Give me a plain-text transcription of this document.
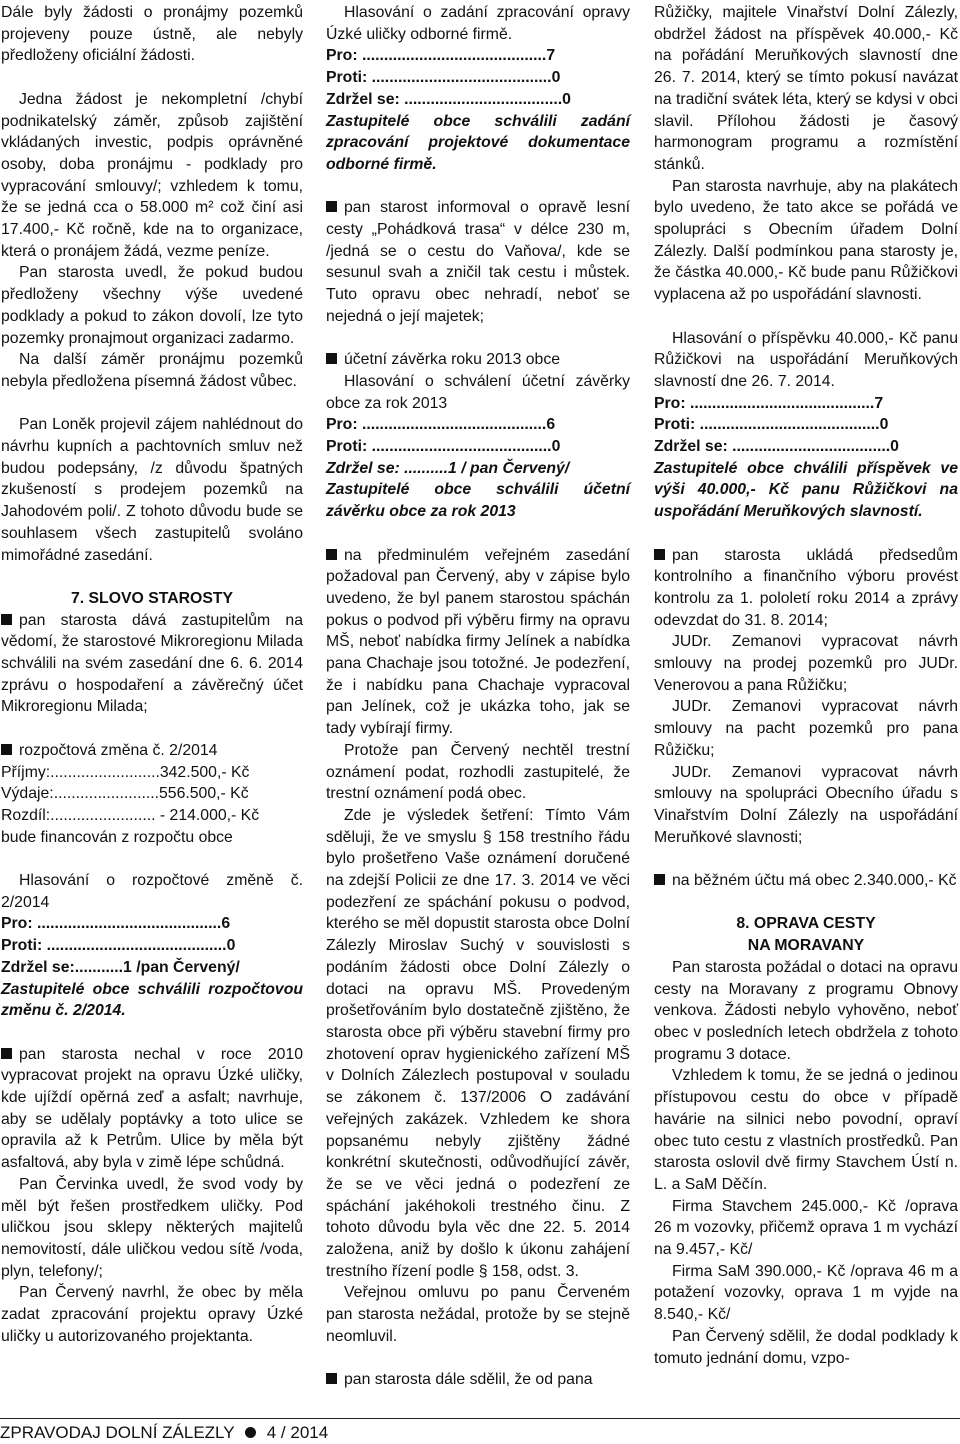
Dále byly žádosti o pronájmy pozemků projeveny pouze ústně, ale nebyly předloženy oficiální žádosti.

Jedna žádost je nekompletní /chybí podnikatelský záměr, způsob zajištění vkládaných investic, podpis oprávněné osoby, doba pronájmu - podklady pro vypracování smlouvy/; vzhledem k tomu, že se jedná cca o 58.000 m² což činí asi 17.400,- Kč ročně, kde na to organizace, která o pronájem žádá, vezme peníze.

Pan starosta uvedl, že pokud budou předloženy všechny výše uvedené podklady a pokud to zákon dovolí, lze tyto pozemky pronajmout organizaci zadarmo.

Na další záměr pronájmu pozemků nebyla předložena písemná žádost vůbec.

Pan Loněk projevil zájem nahlédnout do návrhu kupních a pachtovních smluv než budou podepsány, /z důvodu špatných zkušeností s prodejem pozemků na Jahodovém poli/. Z tohoto důvodu bude se souhlasem všech zastupitelů svoláno mimořádné zasedání.

7. SLOVO STAROSTY

pan starosta dává zastupitelům na vědomí, že starostové Mikroregionu Milada schválili na svém zasedání dne 6. 6. 2014 zprávu o hospodaření a závěrečný účet Mikroregionu Milada;

rozpočtová změna č. 2/2014

Příjmy:.........................342.500,- Kč

Výdaje:........................556.500,- Kč

Rozdíl:........................ - 214.000,- Kč

bude financován z rozpočtu obce

Hlasování o rozpočtové změně č. 2/2014

Pro: ..........................................6

Proti: .........................................0

Zdržel se:...........1 /pan Červený/

Zastupitelé obce schválili rozpočtovou změnu č. 2/2014.

pan starosta nechal v roce 2010 vypracovat projekt na opravu Úzké uličky, kde ujíždí opěrná zeď a asfalt; navrhuje, aby se udělaly poptávky a toto ulice se opravila až k Petrům. Ulice by měla být asfaltová, aby byla v zimě lépe schůdná.

Pan Červinka uvedl, že svod vody by měl být řešen prostředkem uličky. Pod uličkou jsou sklepy některých majitelů nemovitostí, dále uličkou vedou sítě /voda, plyn, telefony/;

Pan Červený navrhl, že obec by měla zadat zpracování projektu opravy Úzké uličky u autorizovaného projektanta.

Hlasování o zadání zpracování opravy Úzké uličky odborné firmě.

Pro: ..........................................7

Proti: .........................................0

Zdržel se: ....................................0

Zastupitelé obce schválili zadání zpracování projektové dokumentace odborné firmě.

pan starost informoval o opravě lesní cesty „Pohádková trasa“ v délce 230 m, /jedná se o cestu do Vaňova/, kde se sesunul svah a zničil tak cestu i můstek. Tuto opravu obec nehradí, neboť se nejedná o její majetek;

účetní závěrka roku 2013 obce

Hlasování o schválení účetní závěrky obce za rok 2013

Pro: ..........................................6

Proti: .........................................0

Zdržel se: ..........1 / pan Červený/

Zastupitelé obce schválili účetní závěrku obce za rok 2013

na předminulém veřejném zasedání požadoval pan Červený, aby v zápise bylo uvedeno, že byl panem starostou spáchán pokus o podvod při výběru firmy na opravu MŠ, neboť nabídka firmy Jelínek a nabídka pana Chachaje jsou totožné. Je podezření, že i nabídku pana Chachaje vypracoval pan Jelínek, což je ukázka toho, jak se tady vybírají firmy.

Protože pan Červený nechtěl trestní oznámení podat, rozhodli zastupitelé, že trestní oznámení podá obec.

Zde je výsledek šetření: Tímto Vám sděluji, že ve smyslu § 158 trestního řádu bylo prošetřeno Vaše oznámení doručené na zdejší Policii ze dne 17. 3. 2014 ve věci podezření ze spáchání pokusu o podvod, kterého se měl dopustit starosta obce Dolní Zálezly Miroslav Suchý v souvislosti s podáním žádosti obce Dolní Zálezly o dotaci na opravu MŠ. Provedeným prošetřováním bylo dostatečně zjištěno, že starosta obce při výběru stavební firmy pro zhotovení oprav hygienického zařízení MŠ v Dolních Zálezlech postupoval v souladu se zákonem č. 137/2006 O zadávání veřejných zakázek. Vzhledem ke shora popsanému nebyly zjištěny žádné konkrétní skutečnosti, odůvodňující závěr, že se ve věci jedná o podezření ze spáchání jakéhokoli trestného činu. Z tohoto důvodu byla věc dne 22. 5. 2014 založena, aniž by došlo k úkonu zahájení trestního řízení podle § 158, odst. 3.

Veřejnou omluvu po panu Červeném pan starosta nežádal, protože by se stejně neomluvil.

pan starosta dále sdělil, že od pana

Růžičky, majitele Vinařství Dolní Zálezly, obdržel žádost na příspěvek 40.000,- Kč na pořádání Meruňkových slavností dne 26. 7. 2014, který se tímto pokusí navázat na tradiční svátek léta, který se kdysi v obci slavil. Přílohou žádosti je časový harmonogram programu a rozmístění stánků.

Pan starosta navrhuje, aby na plakátech bylo uvedeno, že tato akce se pořádá ve spolupráci s Obecním úřadem Dolní Zálezly. Další podmínkou pana starosty je, že částka 40.000,- Kč bude panu Růžičkovi vyplacena až po uspořádání slavnosti.

Hlasování o příspěvku 40.000,- Kč panu Růžičkovi na uspořádání Meruňkových slavností dne 26. 7. 2014.

Pro: ..........................................7

Proti: .........................................0

Zdržel se: ....................................0

Zastupitelé obce chválili příspěvek ve výši 40.000,- Kč panu Růžičkovi na uspořádání Meruňkových slavností.

pan starosta ukládá předsedům kontrolního a finančního výboru provést kontrolu za 1. pololetí roku 2014 a zprávy odevzdat do 31. 8. 2014;

JUDr. Zemanovi vypracovat návrh smlouvy na prodej pozemků pro JUDr. Venerovou a pana Růžičku;

JUDr. Zemanovi vypracovat návrh smlouvy na pacht pozemků pro pana Růžičku;

JUDr. Zemanovi vypracovat návrh smlouvy na spolupráci Obecního úřadu s Vinařstvím Dolní Zálezly na uspořádání Meruňkové slavnosti;

na běžném účtu má obec 2.340.000,- Kč

8. OPRAVA CESTY

NA MORAVANY

Pan starosta požádal o dotaci na opravu cesty na Moravany z programu Obnovy venkova. Žádosti nebylo vyhověno, neboť obec v posledních letech obdržela z tohoto programu 3 dotace.

Vzhledem k tomu, že se jedná o jedinou přístupovou cestu do obce v případě havárie na silnici nebo povodní, opraví obec tuto cestu z vlastních prostředků. Pan starosta oslovil dvě firmy Stavchem Ústí n. L. a SaM Děčín.

Firma Stavchem 245.000,- Kč /oprava 26 m vozovky, přičemž oprava 1 m vychází na 9.457,- Kč/

Firma SaM 390.000,- Kč /oprava 46 m a potažení vozovky, oprava 1 m vyjde na 8.540,- Kč/

Pan Červený sdělil, že dodal podklady k tomuto jednání domu, vzpo-

ZPRAVODAJ DOLNÍ ZÁLEZLY 4 / 2014
